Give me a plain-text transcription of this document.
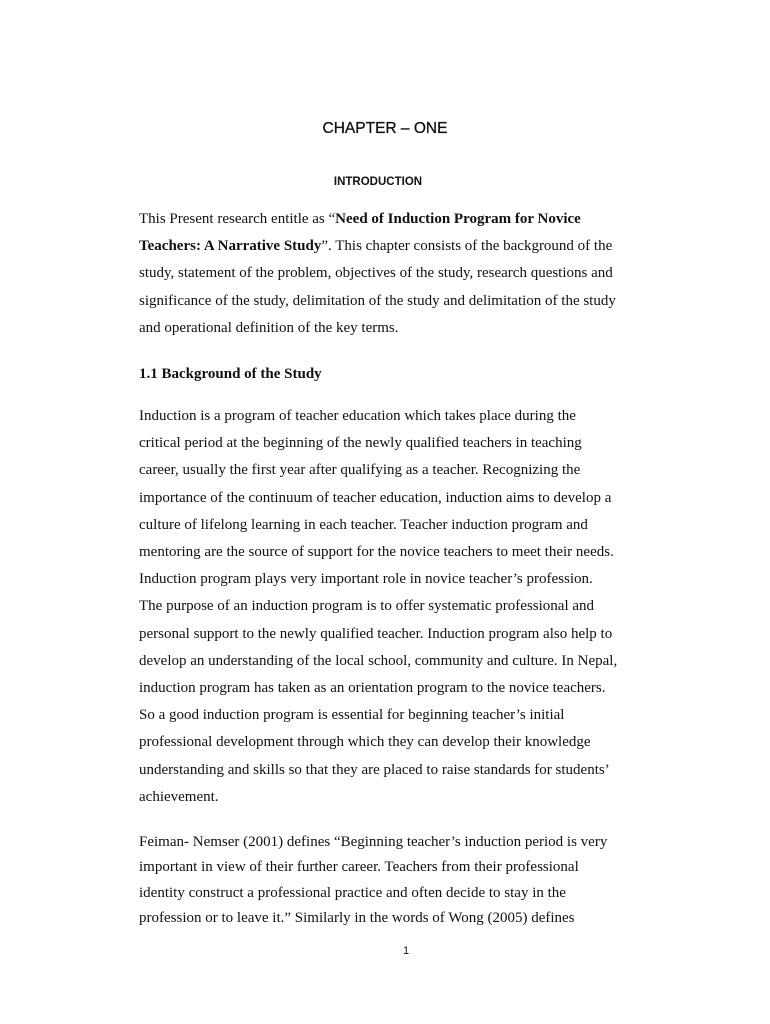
CHAPTER – ONE
INTRODUCTION

This Present research entitle as “Need of Induction Program for Novice
Teachers: A Narrative Study”. This chapter consists of the background of the
study, statement of the problem, objectives of the study, research questions and
significance of the study, delimitation of the study and delimitation of the study
and operational definition of the key terms.

1.1 Background of the Study

Induction is a program of teacher education which takes place during the
critical period at the beginning of the newly qualified teachers in teaching
career, usually the first year after qualifying as a teacher. Recognizing the
importance of the continuum of teacher education, induction aims to develop a
culture of lifelong learning in each teacher. Teacher induction program and
mentoring are the source of support for the novice teachers to meet their needs.
Induction program plays very important role in novice teacher’s profession.
The purpose of an induction program is to offer systematic professional and
personal support to the newly qualified teacher. Induction program also help to
develop an understanding of the local school, community and culture. In Nepal,
induction program has taken as an orientation program to the novice teachers.
So a good induction program is essential for beginning teacher’s initial
professional development through which they can develop their knowledge
understanding and skills so that they are placed to raise standards for students’
achievement.

Feiman- Nemser (2001) defines “Beginning teacher’s induction period is very
important in view of their further career. Teachers from their professional
identity construct a professional practice and often decide to stay in the
profession or to leave it.” Similarly in the words of Wong (2005) defines

1
